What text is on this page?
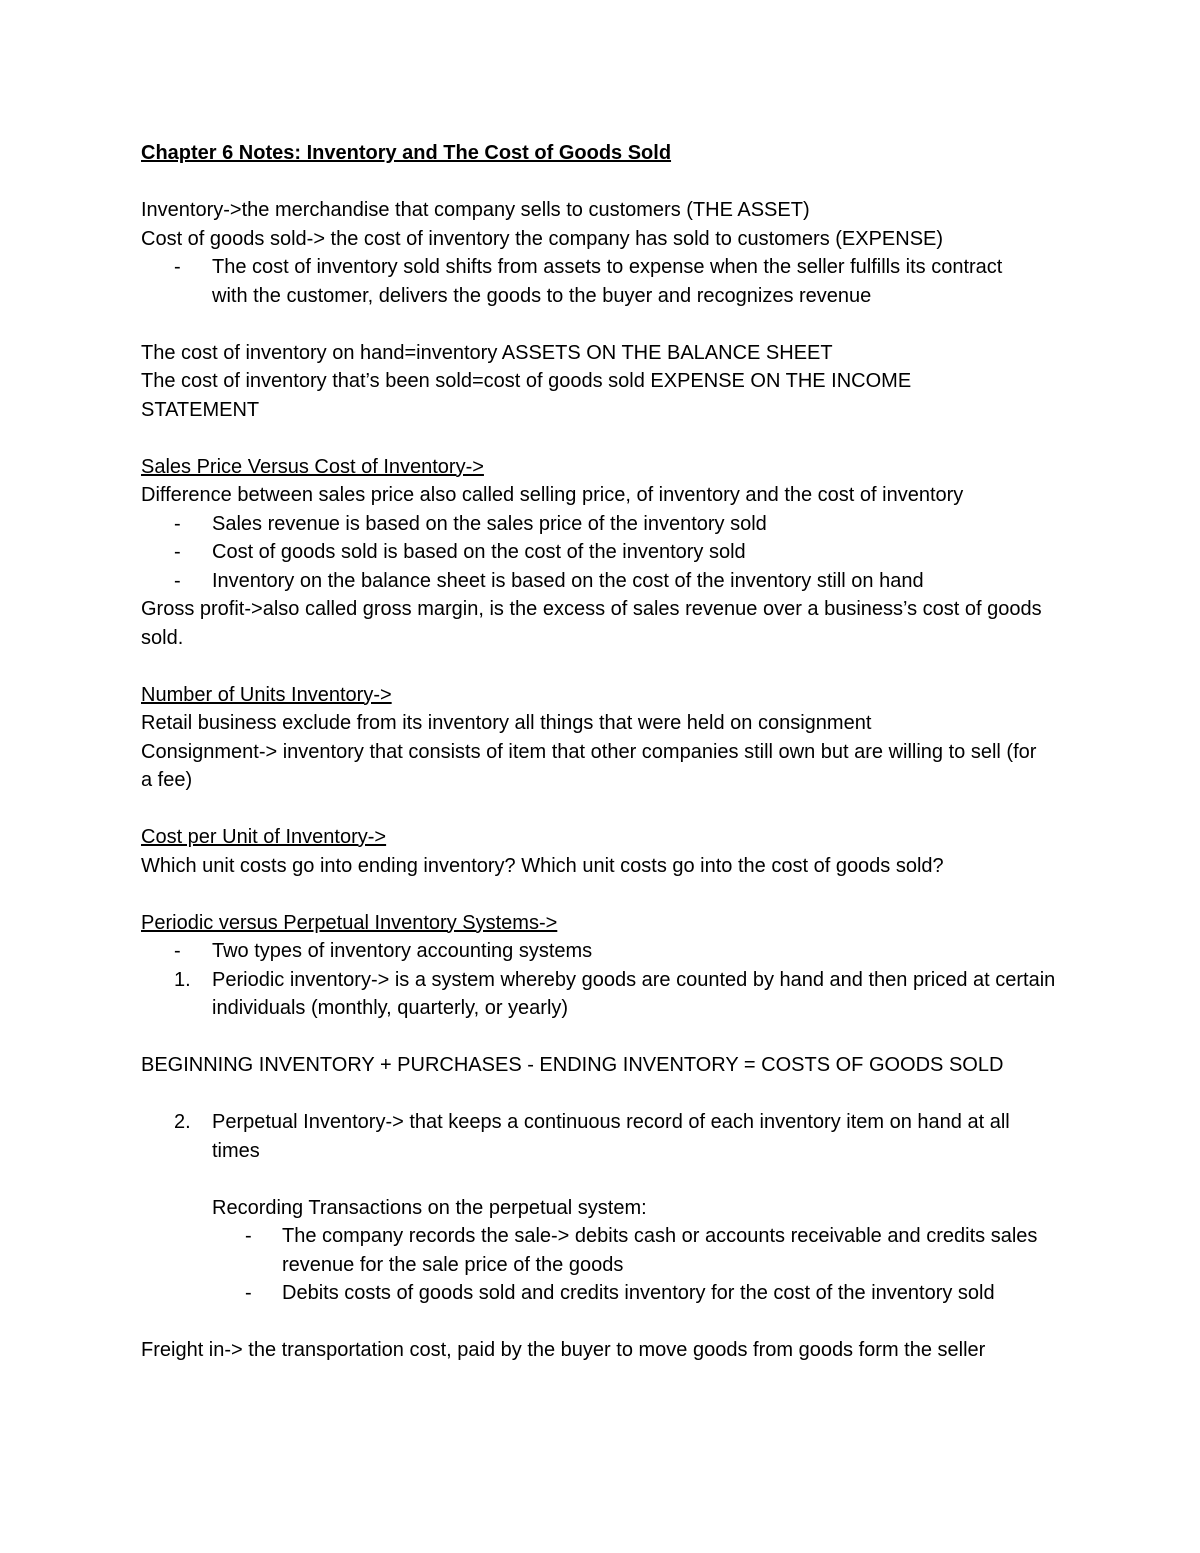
Chapter 6 Notes: Inventory and The Cost of Goods Sold
Inventory->the merchandise that company sells to customers (THE ASSET)
Cost of goods sold-> the cost of inventory the company has sold to customers (EXPENSE)
- The cost of inventory sold shifts from assets to expense when the seller fulfills its contract with the customer, delivers the goods to the buyer and recognizes revenue
The cost of inventory on hand=inventory ASSETS ON THE BALANCE SHEET
The cost of inventory that’s been sold=cost of goods sold EXPENSE ON THE INCOME STATEMENT
Sales Price Versus Cost of Inventory->
Difference between sales price also called selling price, of inventory and the cost of inventory
- Sales revenue is based on the sales price of the inventory sold
- Cost of goods sold is based on the cost of the inventory sold
- Inventory on the balance sheet is based on the cost of the inventory still on hand
Gross profit->also called gross margin, is the excess of sales revenue over a business’s cost of goods sold.
Number of Units Inventory->
Retail business exclude from its inventory all things that were held on consignment
Consignment-> inventory that consists of item that other companies still own but are willing to sell (for a fee)
Cost per Unit of Inventory->
Which unit costs go into ending inventory? Which unit costs go into the cost of goods sold?
Periodic versus Perpetual Inventory Systems->
- Two types of inventory accounting systems
1. Periodic inventory-> is a system whereby goods are counted by hand and then priced at certain individuals (monthly, quarterly, or yearly)
BEGINNING INVENTORY + PURCHASES - ENDING INVENTORY = COSTS OF GOODS SOLD
2. Perpetual Inventory-> that keeps a continuous record of each inventory item on hand at all times
Recording Transactions on the perpetual system:
- The company records the sale-> debits cash or accounts receivable and credits sales revenue for the sale price of the goods
- Debits costs of goods sold and credits inventory for the cost of the inventory sold
Freight in-> the transportation cost, paid by the buyer to move goods from goods form the seller
